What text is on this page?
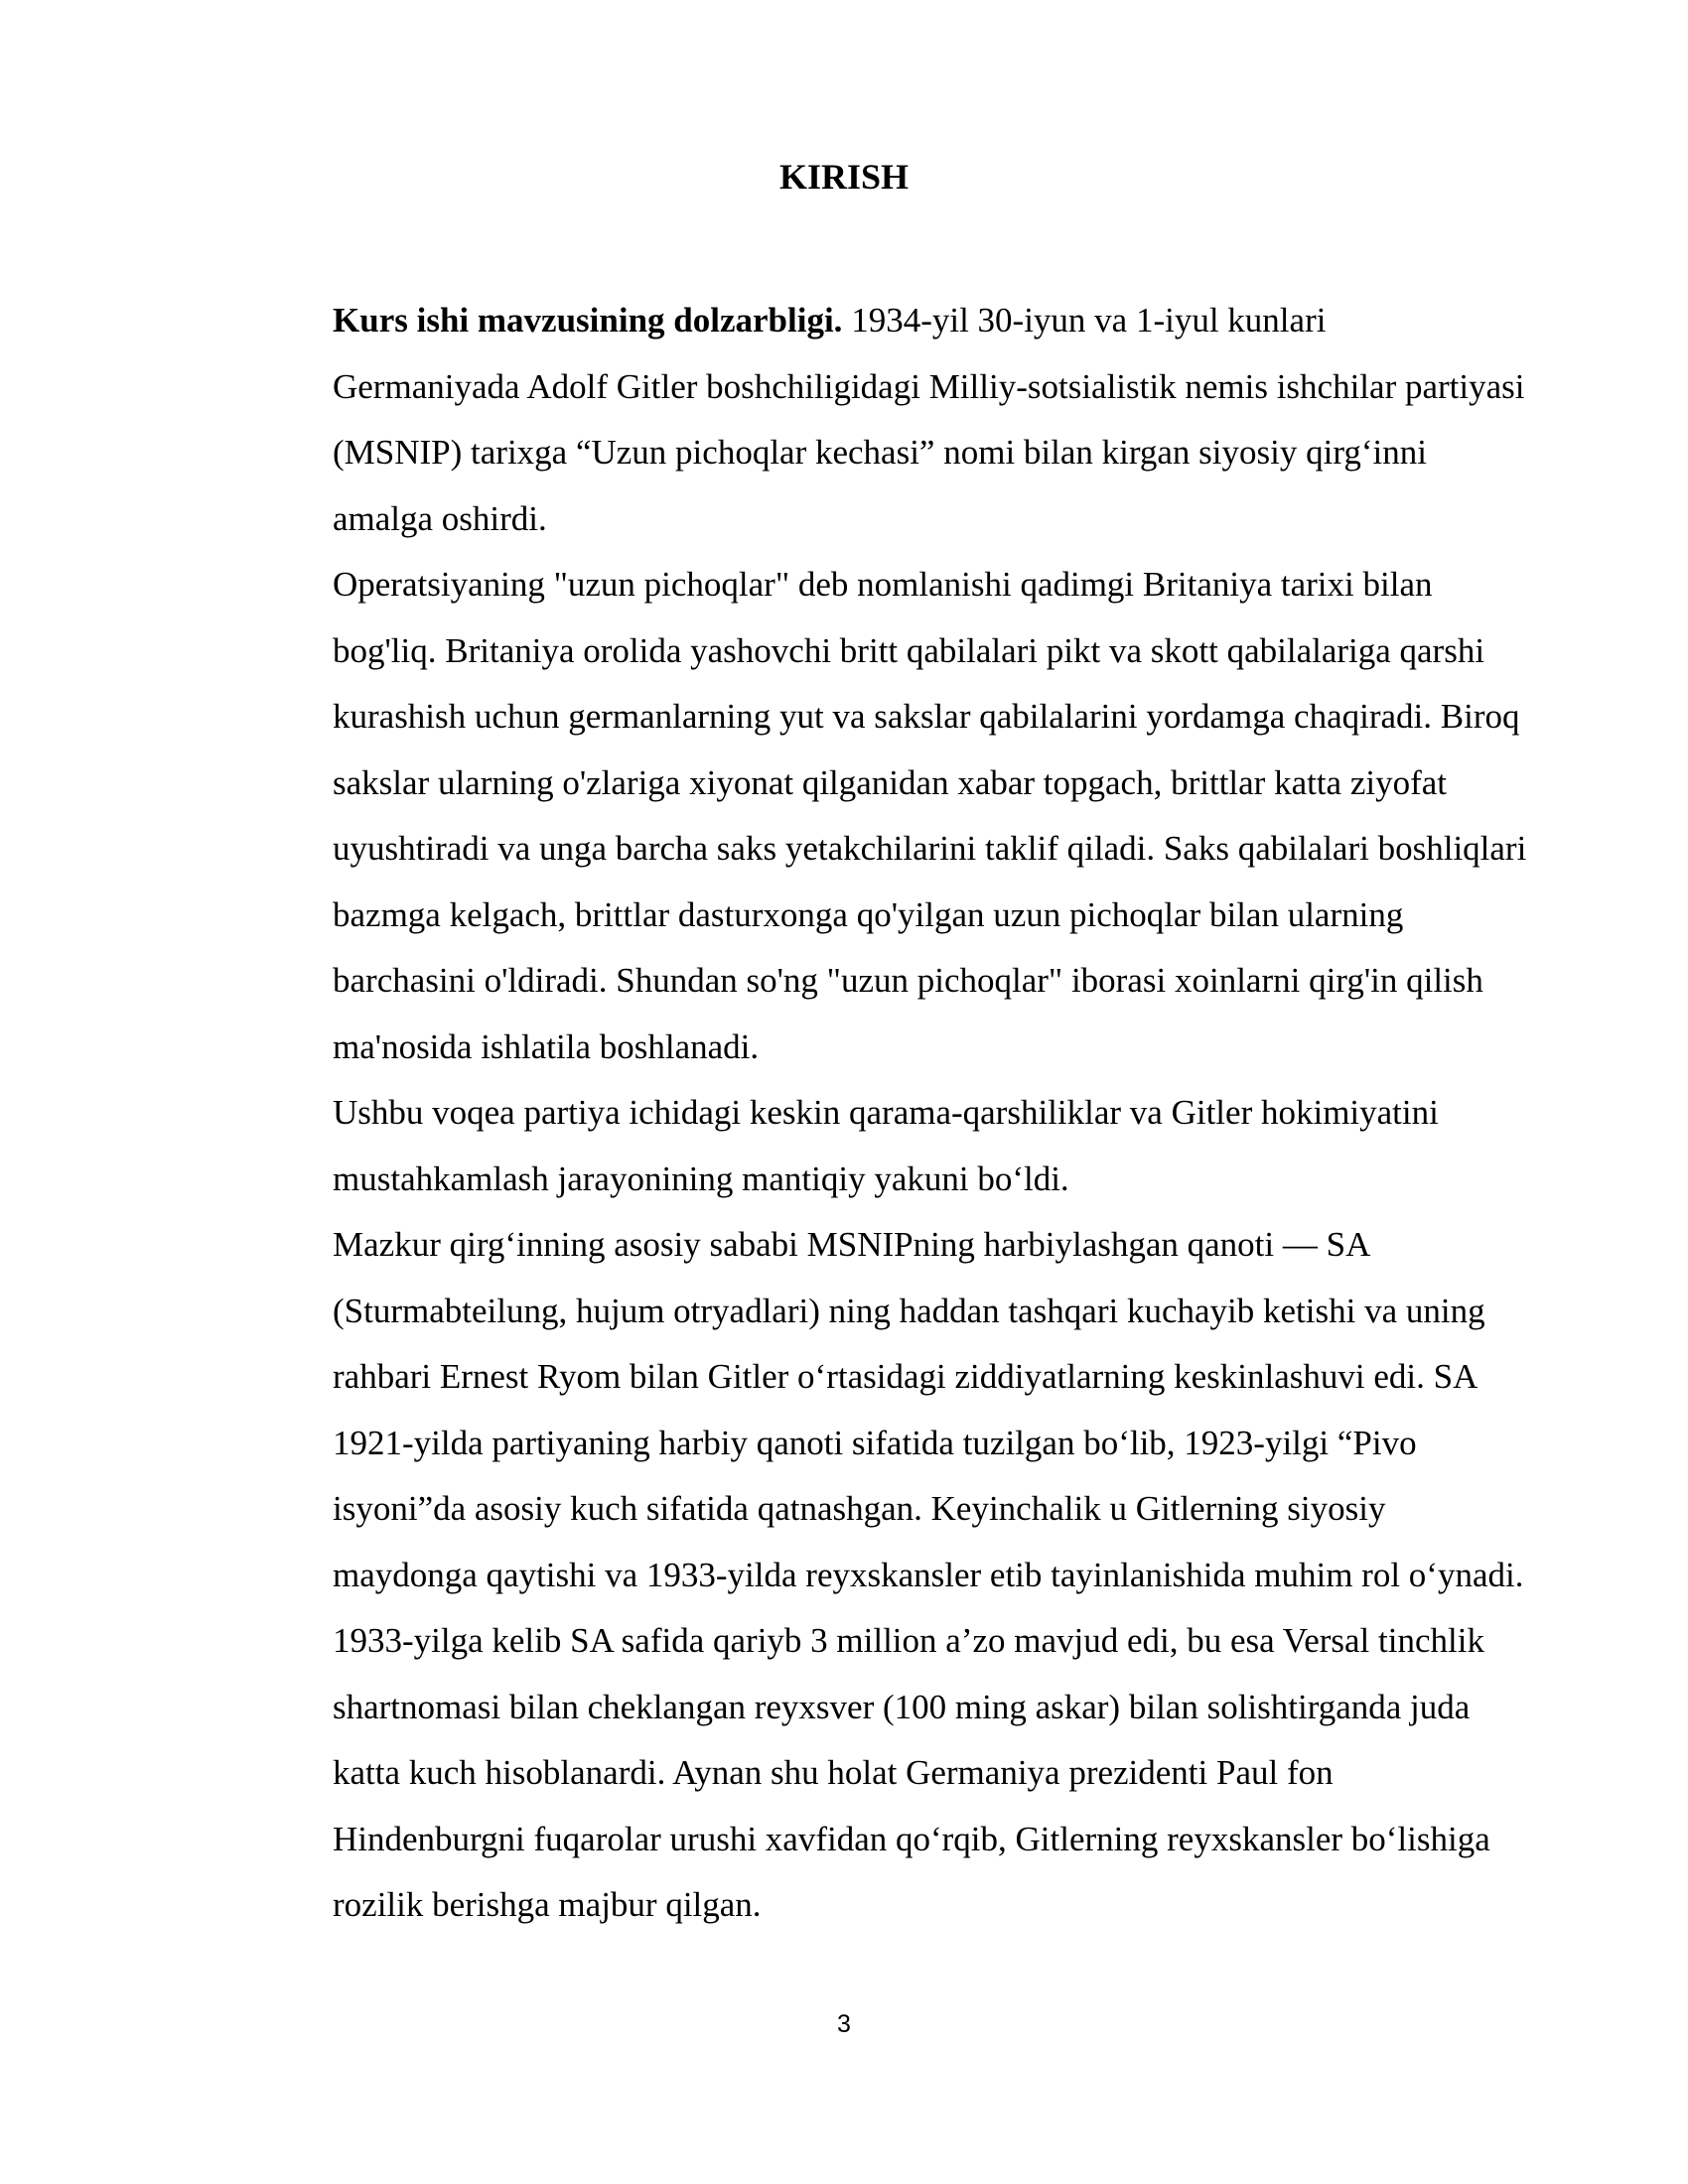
KIRISH

Kurs ishi mavzusining dolzarbligi. 1934-yil 30-iyun va 1-iyul kunlari
Germaniyada Adolf Gitler boshchiligidagi Milliy-sotsialistik nemis ishchilar partiyasi
(MSNIP) tarixga “Uzun pichoqlar kechasi” nomi bilan kirgan siyosiy qirg‘inni
amalga oshirdi.

Operatsiyaning "uzun pichoqlar" deb nomlanishi qadimgi Britaniya tarixi bilan
bog'liq. Britaniya orolida yashovchi britt qabilalari pikt va skott qabilalariga qarshi
kurashish uchun germanlarning yut va sakslar qabilalarini yordamga chaqiradi. Biroq
sakslar ularning o'zlariga xiyonat qilganidan xabar topgach, brittlar katta ziyofat
uyushtiradi va unga barcha saks yetakchilarini taklif qiladi. Saks qabilalari boshliqlari
bazmga kelgach, brittlar dasturxonga qo'yilgan uzun pichoqlar bilan ularning
barchasini o'ldiradi. Shundan so'ng "uzun pichoqlar" iborasi xoinlarni qirg'in qilish
ma'nosida ishlatila boshlanadi.

Ushbu voqea partiya ichidagi keskin qarama-qarshiliklar va Gitler hokimiyatini
mustahkamlash jarayonining mantiqiy yakuni bo‘ldi.

Mazkur qirg‘inning asosiy sababi MSNIPning harbiylashgan qanoti — SA
(Sturmabteilung, hujum otryadlari) ning haddan tashqari kuchayib ketishi va uning
rahbari Ernest Ryom bilan Gitler o‘rtasidagi ziddiyatlarning keskinlashuvi edi. SA
1921-yilda partiyaning harbiy qanoti sifatida tuzilgan bo‘lib, 1923-yilgi “Pivo
isyoni”da asosiy kuch sifatida qatnashgan. Keyinchalik u Gitlerning siyosiy
maydonga qaytishi va 1933-yilda reyxskansler etib tayinlanishida muhim rol o‘ynadi.
1933-yilga kelib SA safida qariyb 3 million a’zo mavjud edi, bu esa Versal tinchlik
shartnomasi bilan cheklangan reyxsver (100 ming askar) bilan solishtirganda juda
katta kuch hisoblanardi. Aynan shu holat Germaniya prezidenti Paul fon
Hindenburgni fuqarolar urushi xavfidan qo‘rqib, Gitlerning reyxskansler bo‘lishiga
rozilik berishga majbur qilgan.

3
